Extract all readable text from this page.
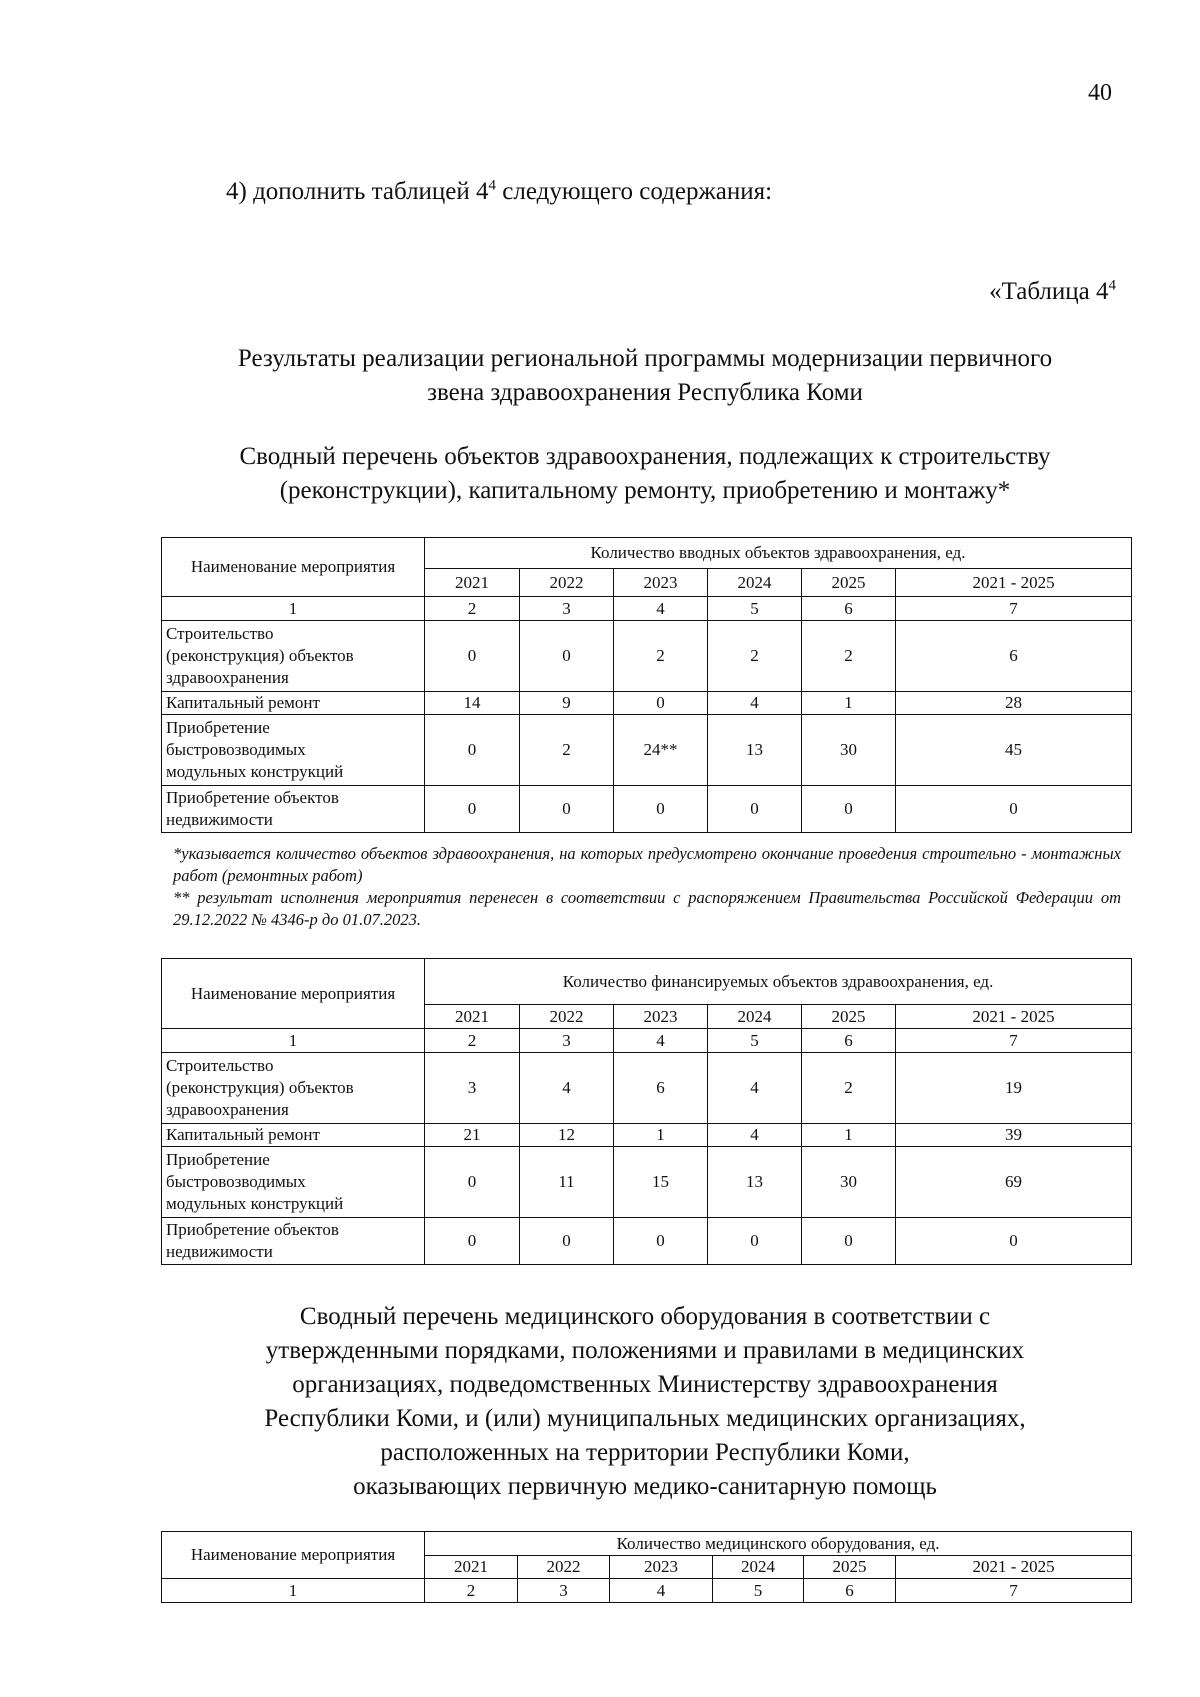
40
4) дополнить таблицей $4^4$ следующего содержания:
«Таблица $4^4$
Результаты реализации региональной программы модернизации первичного
звена здравоохранения Республика Коми
Сводный перечень объектов здравоохранения, подлежащих к строительству
(реконструкции), капитальному ремонту, приобретению и монтажу*
Наименование мероприятия	Количество вводных объектов здравоохранения, ед.					
	2021	2022	2023	2024	2025	2021 - 2025
1	2	3	4	5	6	7

Строительство
(реконструкция) объектов
здравоохранения	0	0	2	2	2	6

Капитальный ремонт	14	9	0	4	1	28

Приобретение
быстровозводимых
модульных конструкций	0	2	24**	13	30	45

Приобретение объектов
недвижимости	0	0	0	0	0	0

*указывается количество объектов здравоохранения, на которых предусмотрено окончание проведения строительно - монтажных работ (ремонтных работ)

** результат исполнения мероприятия перенесен в соответствии с распоряжением Правительства Российской Федерации от 29.12.2022 № 4346-р до 01.07.2023.

Наименование мероприятия	Количество финансируемых объектов здравоохранения, ед.					
	2021	2022	2023	2024	2025	2021 - 2025
1	2	3	4	5	6	7

Строительство
(реконструкция) объектов
здравоохранения	3	4	6	4	2	19

Капитальный ремонт	21	12	1	4	1	39

Приобретение
быстровозводимых
модульных конструкций	0	11	15	13	30	69

Приобретение объектов
недвижимости	0	0	0	0	0	0
Сводный перечень медицинского оборудования в соответствии с
утвержденными порядками, положениями и правилами в медицинских
организациях, подведомственных Министерству здравоохранения
Республики Коми, и (или) муниципальных медицинских организациях,
расположенных на территории Республики Коми,
оказывающих первичную медико-санитарную помощь
Наименование мероприятия	Количество медицинского оборудования, ед.					
	2021	2022	2023	2024	2025	2021 - 2025
1	2	3	4	5	6	7
